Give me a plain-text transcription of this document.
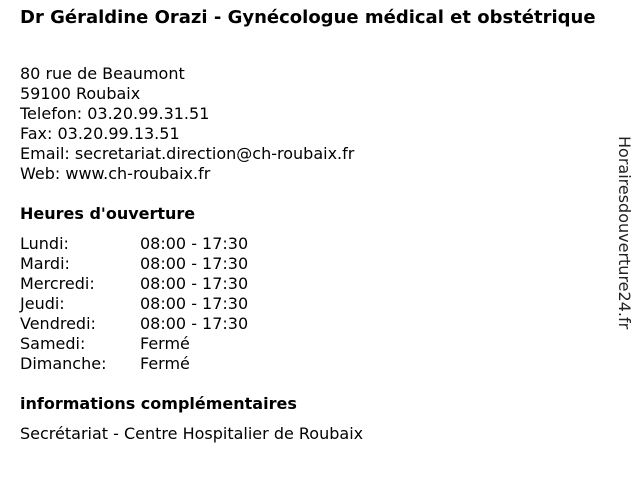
Dr Géraldine Orazi - Gynécologue médical et obstétrique
80 rue de Beaumont
59100 Roubaix
Telefon: 03.20.99.31.51
Fax: 03.20.99.13.51
Email: secretariat.direction@ch-roubaix.fr
Web: www.ch-roubaix.fr
Heures d'ouverture
Lundi:	08:00 - 17:30
Mardi:	08:00 - 17:30
Mercredi:	08:00 - 17:30
Jeudi:	08:00 - 17:30
Vendredi:	08:00 - 17:30
Samedi:	Fermé
Dimanche:	Fermé
informations complémentaires
Secrétariat - Centre Hospitalier de Roubaix
Horairesdouverture24.fr
